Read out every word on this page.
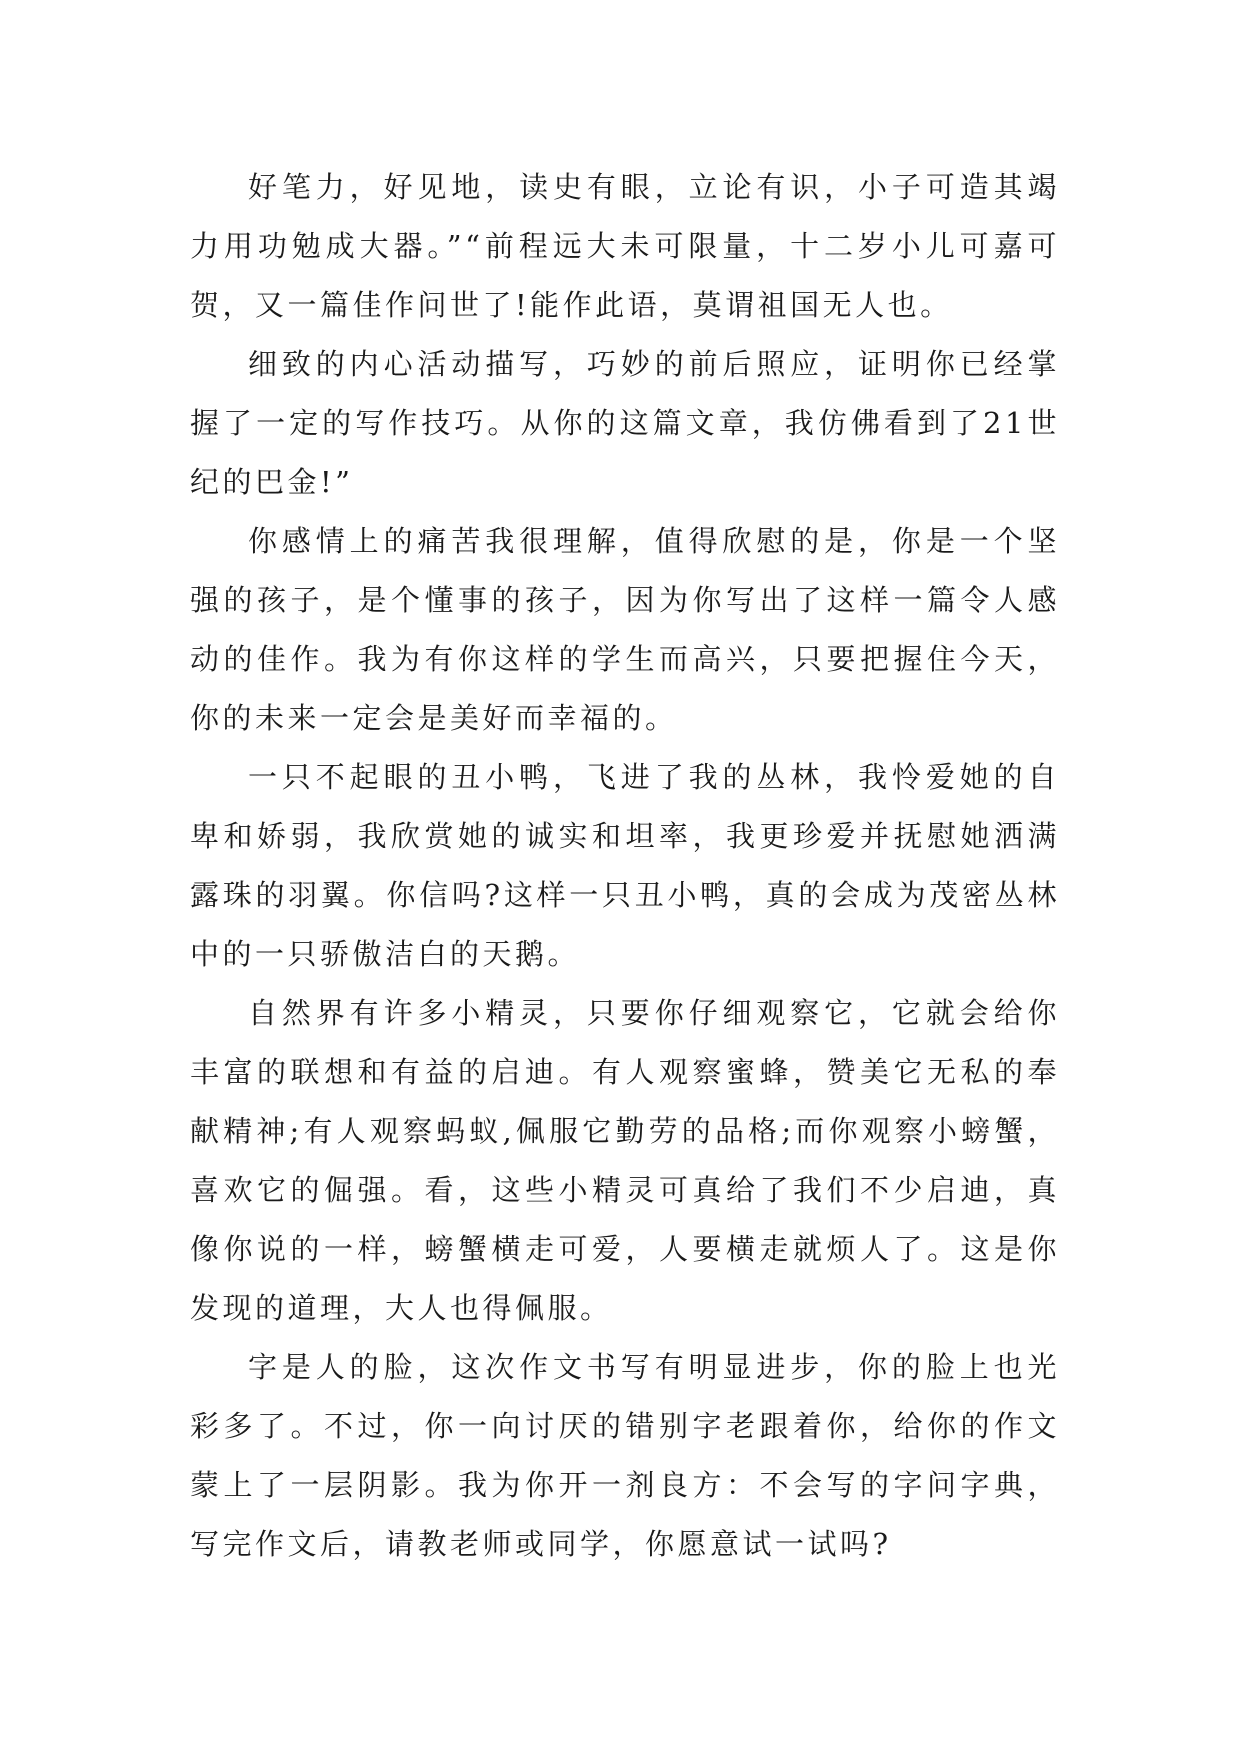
好笔力，好见地，读史有眼，立论有识，小子可造其竭力用功勉成大器。”“前程远大未可限量，十二岁小儿可嘉可贺，又一篇佳作问世了!能作此语，莫谓祖国无人也。

细致的内心活动描写，巧妙的前后照应，证明你已经掌握了一定的写作技巧。从你的这篇文章，我仿佛看到了21世纪的巴金!”

你感情上的痛苦我很理解，值得欣慰的是，你是一个坚强的孩子，是个懂事的孩子，因为你写出了这样一篇令人感动的佳作。我为有你这样的学生而高兴，只要把握住今天，你的未来一定会是美好而幸福的。

一只不起眼的丑小鸭，飞进了我的丛林，我怜爱她的自卑和娇弱，我欣赏她的诚实和坦率，我更珍爱并抚慰她洒满露珠的羽翼。你信吗?这样一只丑小鸭，真的会成为茂密丛林中的一只骄傲洁白的天鹅。

自然界有许多小精灵，只要你仔细观察它，它就会给你丰富的联想和有益的启迪。有人观察蜜蜂，赞美它无私的奉献精神;有人观察蚂蚁,佩服它勤劳的品格;而你观察小螃蟹，喜欢它的倔强。看，这些小精灵可真给了我们不少启迪，真像你说的一样，螃蟹横走可爱，人要横走就烦人了。这是你发现的道理，大人也得佩服。

字是人的脸，这次作文书写有明显进步，你的脸上也光彩多了。不过，你一向讨厌的错别字老跟着你，给你的作文蒙上了一层阴影。我为你开一剂良方：不会写的字问字典，写完作文后，请教老师或同学，你愿意试一试吗?
